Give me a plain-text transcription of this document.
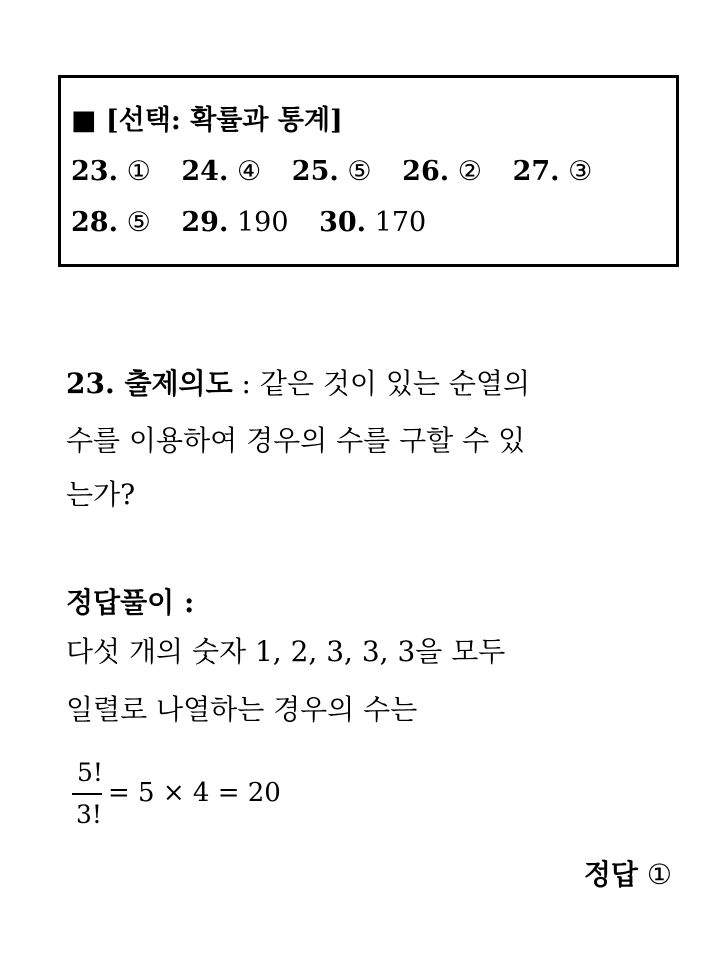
■ [선택: 확률과 통계]
23. ① 24. ④ 25. ⑤ 26. ② 27. ③
28. ⑤ 29. 190 30. 170
23. 출제의도 : 같은 것이 있는 순열의
수를 이용하여 경우의 수를 구할 수 있
는가?
정답풀이 :
다섯 개의 숫자 1, 2, 3, 3, 3을 모두
일렬로 나열하는 경우의 수는
5!
3!
= 5 × 4 = 20
정답 ①
